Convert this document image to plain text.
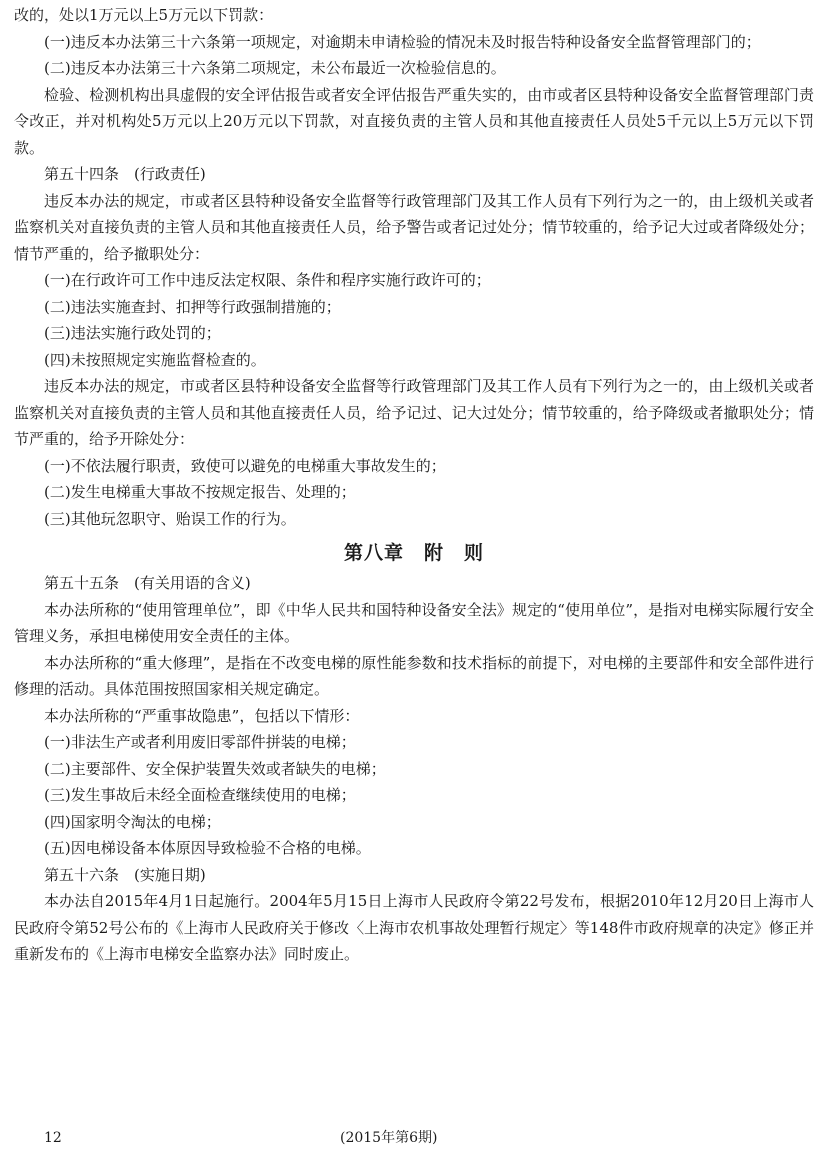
改的，处以1万元以上5万元以下罚款：

(一)违反本办法第三十六条第一项规定，对逾期未申请检验的情况未及时报告特种设备安全监督管理部门的；

(二)违反本办法第三十六条第二项规定，未公布最近一次检验信息的。

检验、检测机构出具虚假的安全评估报告或者安全评估报告严重失实的，由市或者区县特种设备安全监督管理部门责令改正，并对机构处5万元以上20万元以下罚款，对直接负责的主管人员和其他直接责任人员处5千元以上5万元以下罚款。

第五十四条　(行政责任)

违反本办法的规定，市或者区县特种设备安全监督等行政管理部门及其工作人员有下列行为之一的，由上级机关或者监察机关对直接负责的主管人员和其他直接责任人员，给予警告或者记过处分；情节较重的，给予记大过或者降级处分；情节严重的，给予撤职处分：

(一)在行政许可工作中违反法定权限、条件和程序实施行政许可的；

(二)违法实施查封、扣押等行政强制措施的；

(三)违法实施行政处罚的；

(四)未按照规定实施监督检查的。

违反本办法的规定，市或者区县特种设备安全监督等行政管理部门及其工作人员有下列行为之一的，由上级机关或者监察机关对直接负责的主管人员和其他直接责任人员，给予记过、记大过处分；情节较重的，给予降级或者撤职处分；情节严重的，给予开除处分：

(一)不依法履行职责，致使可以避免的电梯重大事故发生的；

(二)发生电梯重大事故不按规定报告、处理的；

(三)其他玩忽职守、贻误工作的行为。

第八章　附　则

第五十五条　(有关用语的含义)

本办法所称的“使用管理单位”，即《中华人民共和国特种设备安全法》规定的“使用单位”，是指对电梯实际履行安全管理义务，承担电梯使用安全责任的主体。

本办法所称的“重大修理”，是指在不改变电梯的原性能参数和技术指标的前提下，对电梯的主要部件和安全部件进行修理的活动。具体范围按照国家相关规定确定。

本办法所称的“严重事故隐患”，包括以下情形：

(一)非法生产或者利用废旧零部件拼装的电梯；

(二)主要部件、安全保护装置失效或者缺失的电梯；

(三)发生事故后未经全面检查继续使用的电梯；

(四)国家明令淘汰的电梯；

(五)因电梯设备本体原因导致检验不合格的电梯。

第五十六条　(实施日期)

本办法自2015年4月1日起施行。2004年5月15日上海市人民政府令第22号发布，根据2010年12月20日上海市人民政府令第52号公布的《上海市人民政府关于修改〈上海市农机事故处理暂行规定〉等148件市政府规章的决定》修正并重新发布的《上海市电梯安全监察办法》同时废止。

12	(2015年第6期)
